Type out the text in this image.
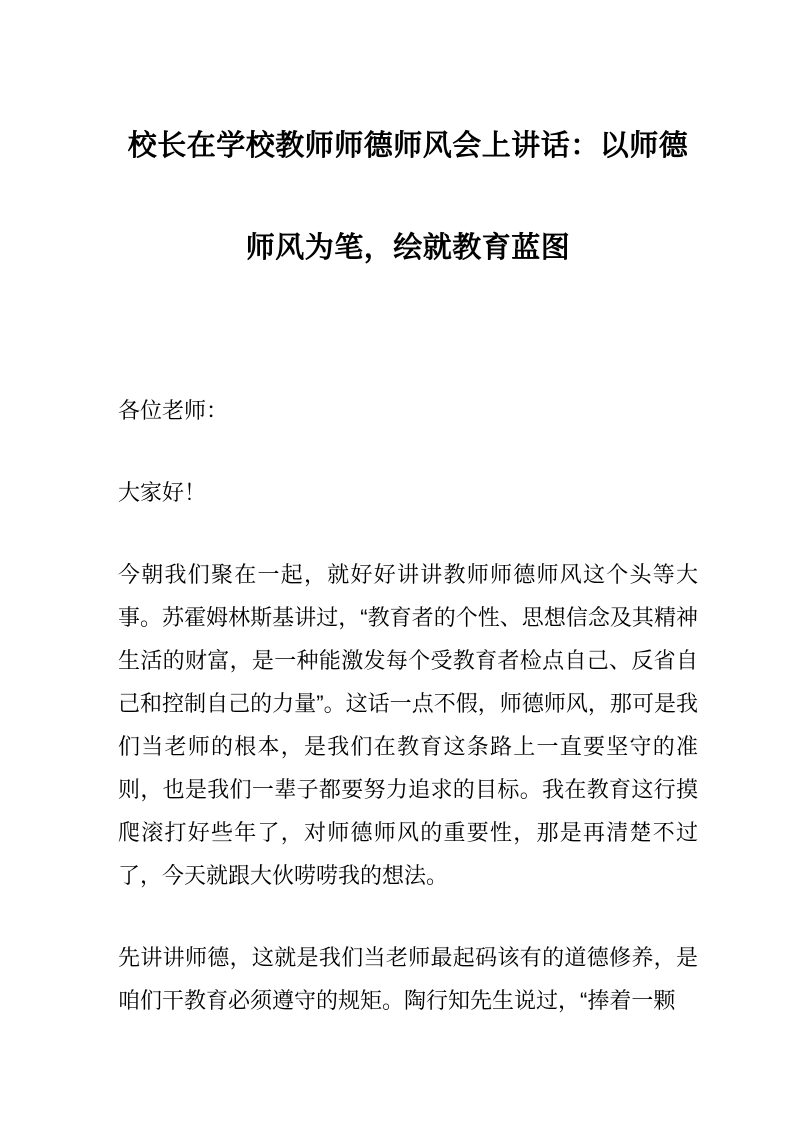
校长在学校教师师德师风会上讲话：以师德
师风为笔，绘就教育蓝图

各位老师：

大家好！

今朝我们聚在一起，就好好讲讲教师师德师风这个头等大事。苏霍姆林斯基讲过，“教育者的个性、思想信念及其精神生活的财富，是一种能激发每个受教育者检点自己、反省自己和控制自己的力量”。这话一点不假，师德师风，那可是我们当老师的根本，是我们在教育这条路上一直要坚守的准则，也是我们一辈子都要努力追求的目标。我在教育这行摸爬滚打好些年了，对师德师风的重要性，那是再清楚不过了，今天就跟大伙唠唠我的想法。

先讲讲师德，这就是我们当老师最起码该有的道德修养，是咱们干教育必须遵守的规矩。陶行知先生说过，“捧着一颗
